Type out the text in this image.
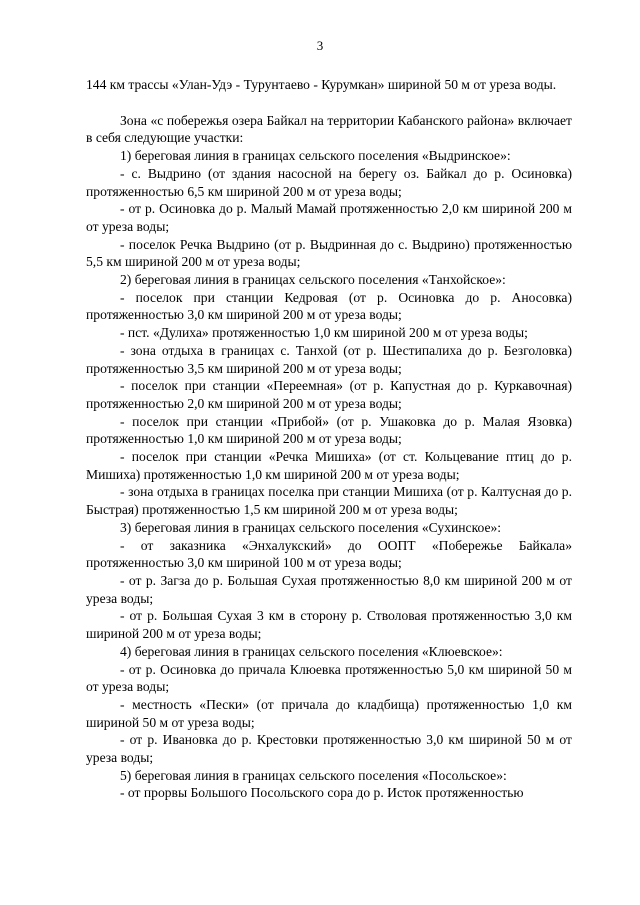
3

144 км трассы «Улан-Удэ - Турунтаево - Курумкан» шириной 50 м от уреза воды.

Зона «с побережья озера Байкал на территории Кабанского района» включает в себя следующие участки:

1) береговая линия в границах сельского поселения «Выдринское»:

- с. Выдрино (от здания насосной на берегу оз. Байкал до р. Осиновка) протяженностью 6,5 км шириной 200 м от уреза воды;

- от р. Осиновка до р. Малый Мамай протяженностью 2,0 км шириной 200 м от уреза воды;

- поселок Речка Выдрино (от р. Выдринная до с. Выдрино) протяженностью 5,5 км шириной 200 м от уреза воды;

2) береговая линия в границах сельского поселения «Танхойское»:

- поселок при станции Кедровая (от р. Осиновка до р. Аносовка) протяженностью 3,0 км шириной 200 м от уреза воды;

- пст. «Дулиха» протяженностью 1,0 км шириной 200 м от уреза воды;

- зона отдыха в границах с. Танхой (от р. Шестипалиха до р. Безголовка) протяженностью 3,5 км шириной 200 м от уреза воды;

- поселок при станции «Переемная» (от р. Капустная до р. Куркавочная) протяженностью 2,0 км шириной 200 м от уреза воды;

- поселок при станции «Прибой» (от р. Ушаковка до р. Малая Язовка) протяженностью 1,0 км шириной 200 м от уреза воды;

- поселок при станции «Речка Мишиха» (от ст. Кольцевание птиц до р. Мишиха) протяженностью 1,0 км шириной 200 м от уреза воды;

- зона отдыха в границах поселка при станции Мишиха (от р. Калтусная до р. Быстрая) протяженностью 1,5 км шириной 200 м от уреза воды;

3) береговая линия в границах сельского поселения «Сухинское»:

- от заказника «Энхалукский» до ООПТ «Побережье Байкала» протяженностью 3,0 км шириной 100 м от уреза воды;

- от р. Загза до р. Большая Сухая протяженностью 8,0 км шириной 200 м от уреза воды;

- от р. Большая Сухая 3 км в сторону р. Стволовая протяженностью 3,0 км шириной 200 м от уреза воды;

4) береговая линия в границах сельского поселения «Клюевское»:

- от р. Осиновка до причала Клюевка протяженностью 5,0 км шириной 50 м от уреза воды;

- местность «Пески» (от причала до кладбища) протяженностью 1,0 км шириной 50 м от уреза воды;

- от р. Ивановка до р. Крестовки протяженностью 3,0 км шириной 50 м от уреза воды;

5) береговая линия в границах сельского поселения «Посольское»:

- от прорвы Большого Посольского сора до р. Исток протяженностью
